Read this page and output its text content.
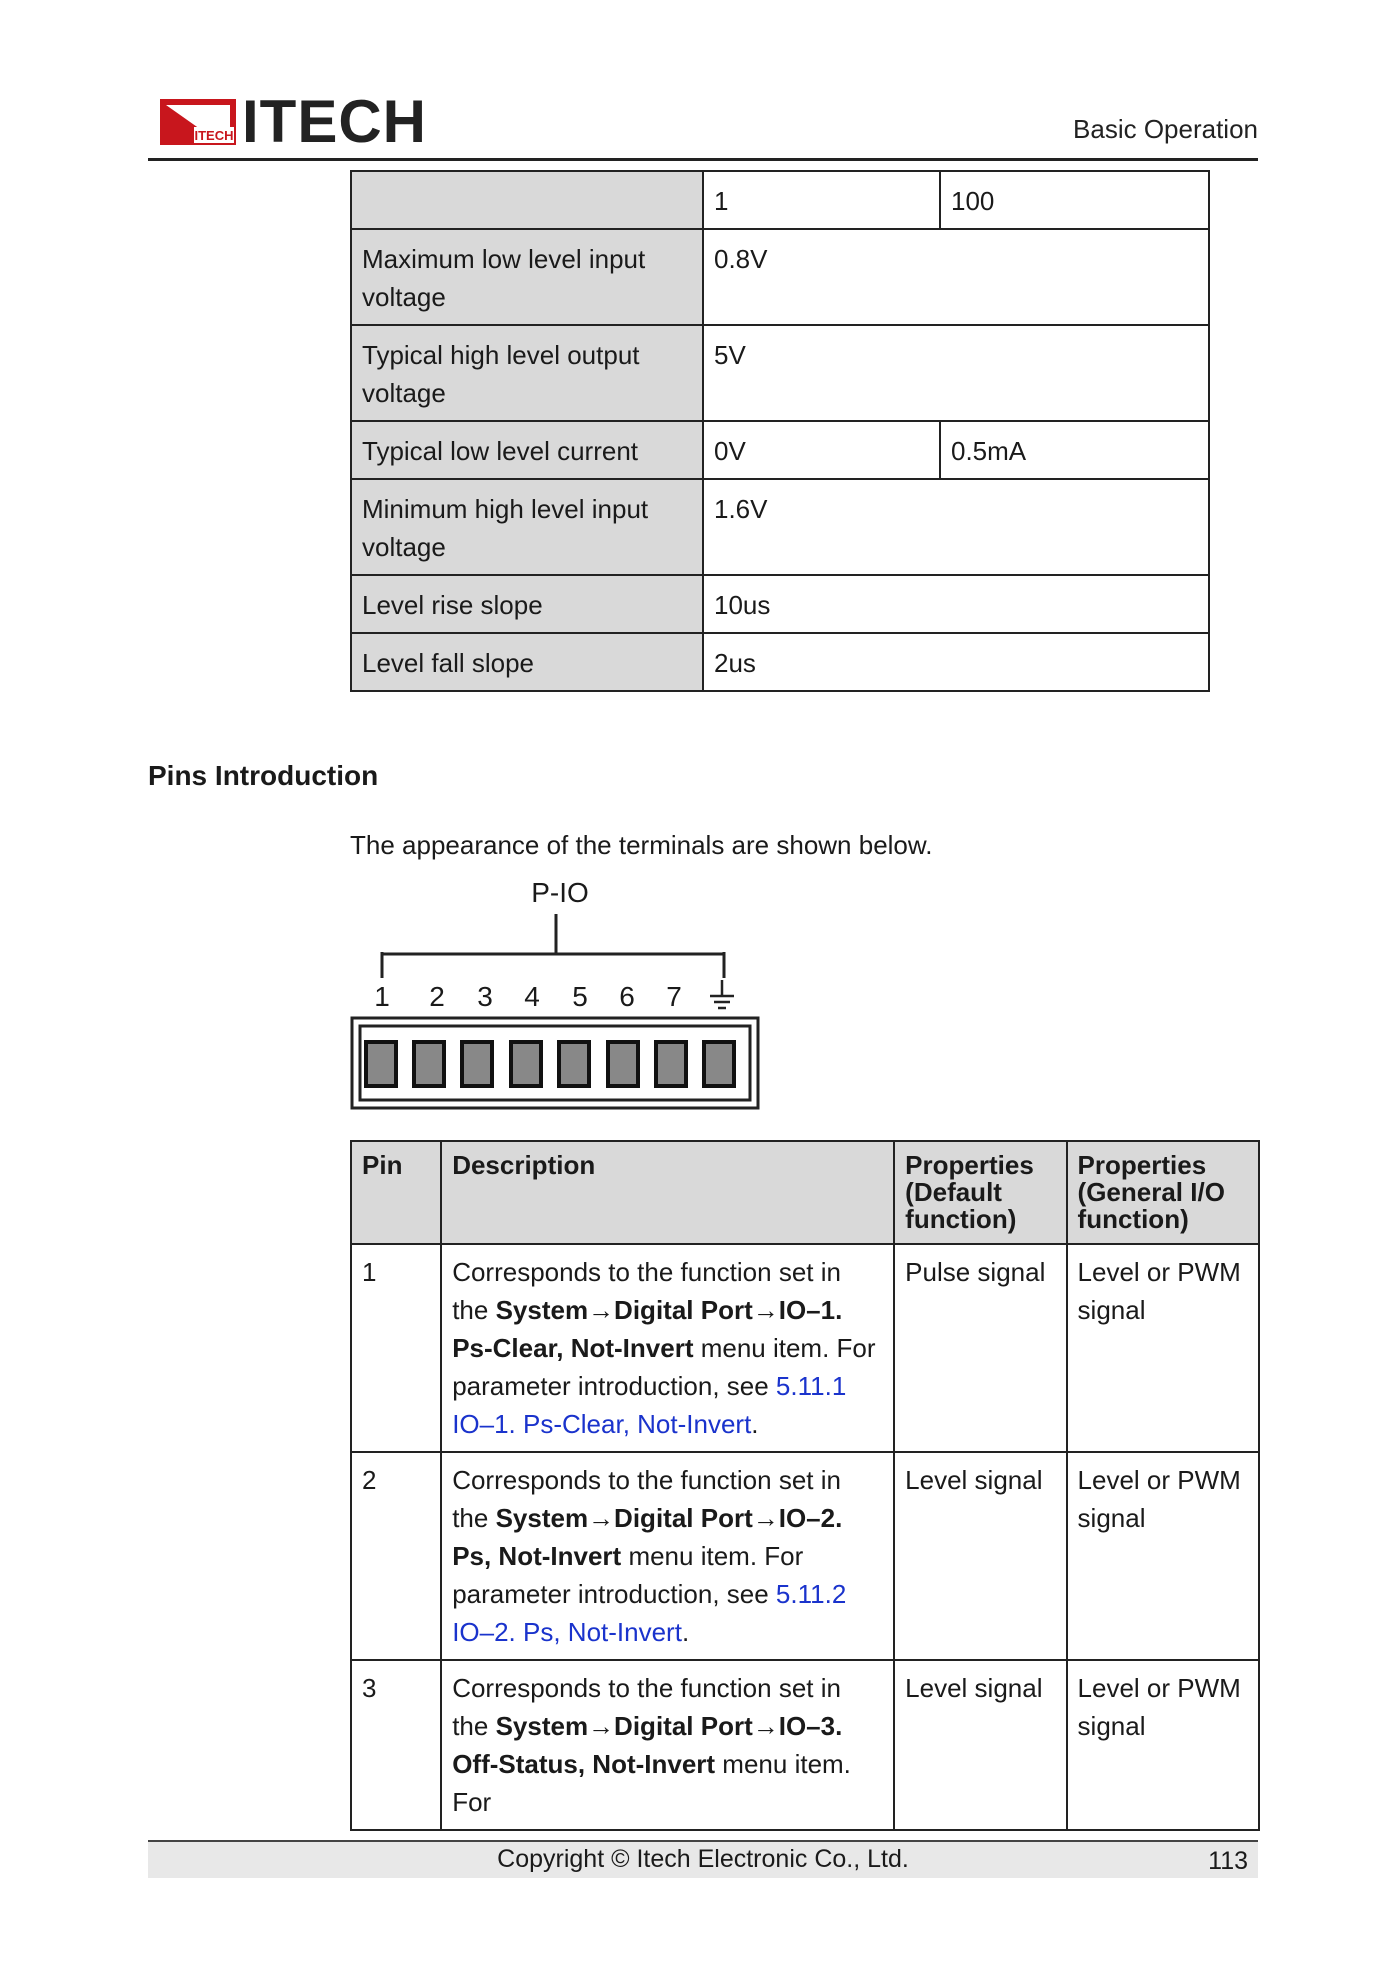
ITECH ITECH	Basic Operation
	1	100
Maximum low level input voltage	0.8V	
Typical high level output voltage	5V	
Typical low level current	0V	0.5mA
Minimum high level input voltage	1.6V	
Level rise slope	10us	
Level fall slope	2us	
Pins Introduction
The appearance of the terminals are shown below.
P-IO
1 2 3 4 5 6 7
Pin	Description	Properties (Default function)	Properties (General I/O function)
1	Corresponds to the function set in the System→Digital Port→IO–1. Ps-Clear, Not-Invert menu item. For parameter introduction, see 5.11.1 IO–1. Ps-Clear, Not-Invert.	Pulse signal	Level or PWM signal
2	Corresponds to the function set in the System→Digital Port→IO–2. Ps, Not-Invert menu item. For parameter introduction, see 5.11.2 IO–2. Ps, Not-Invert.	Level signal	Level or PWM signal
3	Corresponds to the function set in the System→Digital Port→IO–3. Off-Status, Not-Invert menu item. For	Level signal	Level or PWM signal
Copyright © Itech Electronic Co., Ltd.	113
